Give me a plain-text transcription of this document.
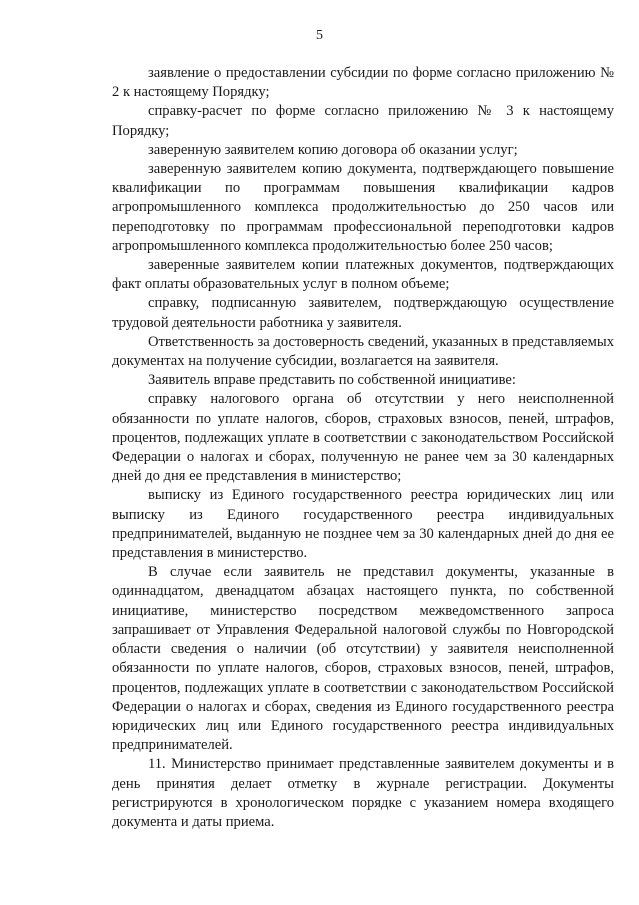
5

заявление о предоставлении субсидии по форме согласно приложению № 2 к настоящему Порядку;

справку-расчет по форме согласно приложению № 3 к настоящему Порядку;

заверенную заявителем копию договора об оказании услуг;

заверенную заявителем копию документа, подтверждающего повышение квалификации по программам повышения квалификации кадров агропромышленного комплекса продолжительностью до 250 часов или переподготовку по программам профессиональной переподготовки кадров агропромышленного комплекса продолжительностью более 250 часов;

заверенные заявителем копии платежных документов, подтверждающих факт оплаты образовательных услуг в полном объеме;

справку, подписанную заявителем, подтверждающую осуществление трудовой деятельности работника у заявителя.

Ответственность за достоверность сведений, указанных в представляемых документах на получение субсидии, возлагается на заявителя.

Заявитель вправе представить по собственной инициативе:

справку налогового органа об отсутствии у него неисполненной обязанности по уплате налогов, сборов, страховых взносов, пеней, штрафов, процентов, подлежащих уплате в соответствии с законодательством Российской Федерации о налогах и сборах, полученную не ранее чем за 30 календарных дней до дня ее представления в министерство;

выписку из Единого государственного реестра юридических лиц или выписку из Единого государственного реестра индивидуальных предпринимателей, выданную не позднее чем за 30 календарных дней до дня ее представления в министерство.

В случае если заявитель не представил документы, указанные в одиннадцатом, двенадцатом абзацах настоящего пункта, по собственной инициативе, министерство посредством межведомственного запроса запрашивает от Управления Федеральной налоговой службы по Новгородской области сведения о наличии (об отсутствии) у заявителя неисполненной обязанности по уплате налогов, сборов, страховых взносов, пеней, штрафов, процентов, подлежащих уплате в соответствии с законодательством Российской Федерации о налогах и сборах, сведения из Единого государственного реестра юридических лиц или Единого государственного реестра индивидуальных предпринимателей.

11. Министерство принимает представленные заявителем документы и в день принятия делает отметку в журнале регистрации. Документы регистрируются в хронологическом порядке с указанием номера входящего документа и даты приема.
